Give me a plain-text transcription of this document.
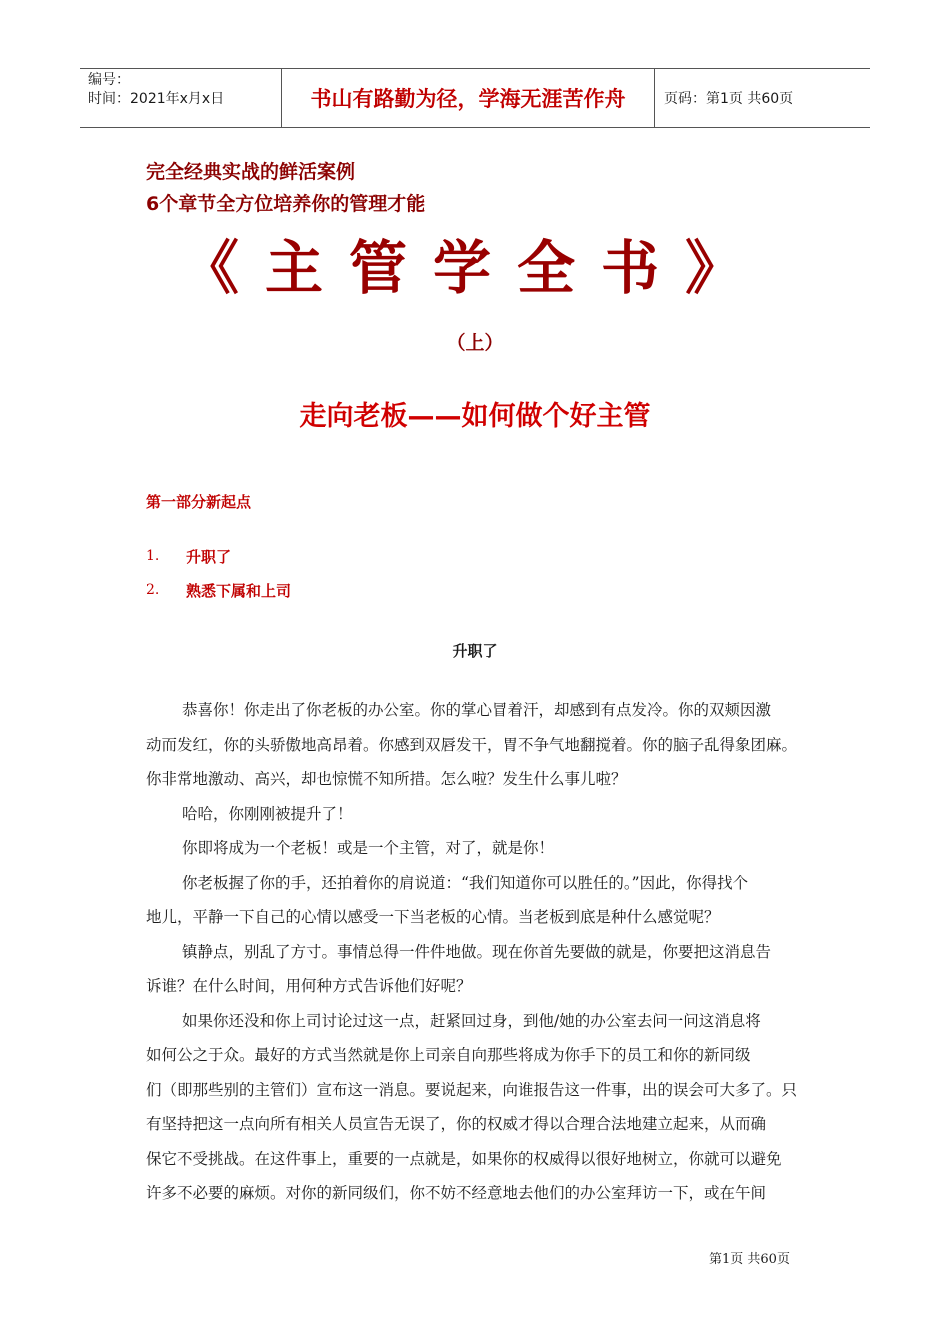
编号：
时间：2021年x月x日	书山有路勤为径，学海无涯苦作舟	页码：第1页 共60页
完全经典实战的鲜活案例
6个章节全方位培养你的管理才能
《主管学全书》
（上）
走向老板——如何做个好主管
第一部分新起点
1.	升职了
2.	熟悉下属和上司
升职了
恭喜你！你走出了你老板的办公室。你的掌心冒着汗，却感到有点发冷。你的双颊因激
动而发红，你的头骄傲地高昂着。你感到双唇发干，胃不争气地翻搅着。你的脑子乱得象团麻。
你非常地激动、高兴，却也惊慌不知所措。怎么啦？发生什么事儿啦？
哈哈，你刚刚被提升了！
你即将成为一个老板！或是一个主管，对了，就是你！
你老板握了你的手，还拍着你的肩说道：“我们知道你可以胜任的。”因此，你得找个
地儿，平静一下自己的心情以感受一下当老板的心情。当老板到底是种什么感觉呢？
镇静点，别乱了方寸。事情总得一件件地做。现在你首先要做的就是，你要把这消息告
诉谁？在什么时间，用何种方式告诉他们好呢？
如果你还没和你上司讨论过这一点，赶紧回过身，到他/她的办公室去问一问这消息将
如何公之于众。最好的方式当然就是你上司亲自向那些将成为你手下的员工和你的新同级
们（即那些别的主管们）宣布这一消息。要说起来，向谁报告这一件事，出的误会可大多了。只
有坚持把这一点向所有相关人员宣告无误了，你的权威才得以合理合法地建立起来，从而确
保它不受挑战。在这件事上，重要的一点就是，如果你的权威得以很好地树立，你就可以避免
许多不必要的麻烦。对你的新同级们，你不妨不经意地去他们的办公室拜访一下，或在午间
第1页 共60页
